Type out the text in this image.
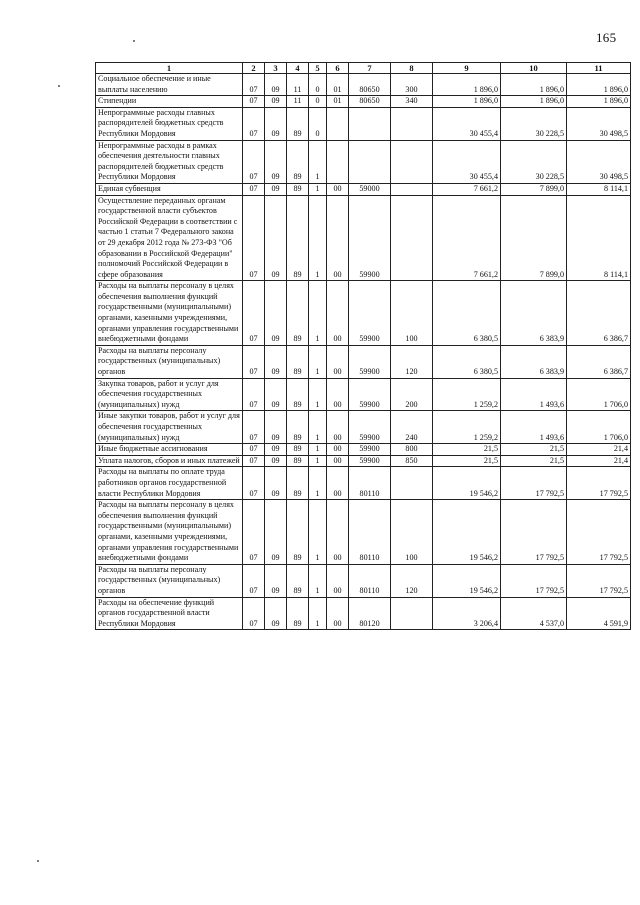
165
1	2	3	4	5	6	7	8	9	10	11
Социальное обеспечение и иные выплаты населению	07	09	11	0	01	80650	300	1 896,0	1 896,0	1 896,0
Стипендии	07	09	11	0	01	80650	340	1 896,0	1 896,0	1 896,0
Непрограммные расходы главных распорядителей бюджетных средств Республики Мордовия	07	09	89	0				30 455,4	30 228,5	30 498,5
Непрограммные расходы в рамках обеспечения деятельности главных распорядителей бюджетных средств Республики Мордовия	07	09	89	1				30 455,4	30 228,5	30 498,5
Единая субвенция	07	09	89	1	00	59000		7 661,2	7 899,0	8 114,1
Осуществление переданных органам государственной власти субъектов Российской Федерации в соответствии с частью 1 статьи 7 Федерального закона от 29 декабря 2012 года № 273-ФЗ "Об образовании в Российской Федерации" полномочий Российской Федерации в сфере образования	07	09	89	1	00	59900		7 661,2	7 899,0	8 114,1
Расходы на выплаты персоналу в целях обеспечения выполнения функций государственными (муниципальными) органами, казенными учреждениями, органами управления государственными внебюджетными фондами	07	09	89	1	00	59900	100	6 380,5	6 383,9	6 386,7
Расходы на выплаты персоналу государственных (муниципальных) органов	07	09	89	1	00	59900	120	6 380,5	6 383,9	6 386,7
Закупка товаров, работ и услуг для обеспечения государственных (муниципальных) нужд	07	09	89	1	00	59900	200	1 259,2	1 493,6	1 706,0
Иные закупки товаров, работ и услуг для обеспечения государственных (муниципальных) нужд	07	09	89	1	00	59900	240	1 259,2	1 493,6	1 706,0
Иные бюджетные ассигнования	07	09	89	1	00	59900	800	21,5	21,5	21,4
Уплата налогов, сборов и иных платежей	07	09	89	1	00	59900	850	21,5	21,5	21,4
Расходы на выплаты по оплате труда работников органов государственной власти Республики Мордовия	07	09	89	1	00	80110		19 546,2	17 792,5	17 792,5
Расходы на выплаты персоналу в целях обеспечения выполнения функций государственными (муниципальными) органами, казенными учреждениями, органами управления государственными внебюджетными фондами	07	09	89	1	00	80110	100	19 546,2	17 792,5	17 792,5
Расходы на выплаты персоналу государственных (муниципальных) органов	07	09	89	1	00	80110	120	19 546,2	17 792,5	17 792,5
Расходы на обеспечение функций органов государственной власти Республики Мордовия	07	09	89	1	00	80120		3 206,4	4 537,0	4 591,9
